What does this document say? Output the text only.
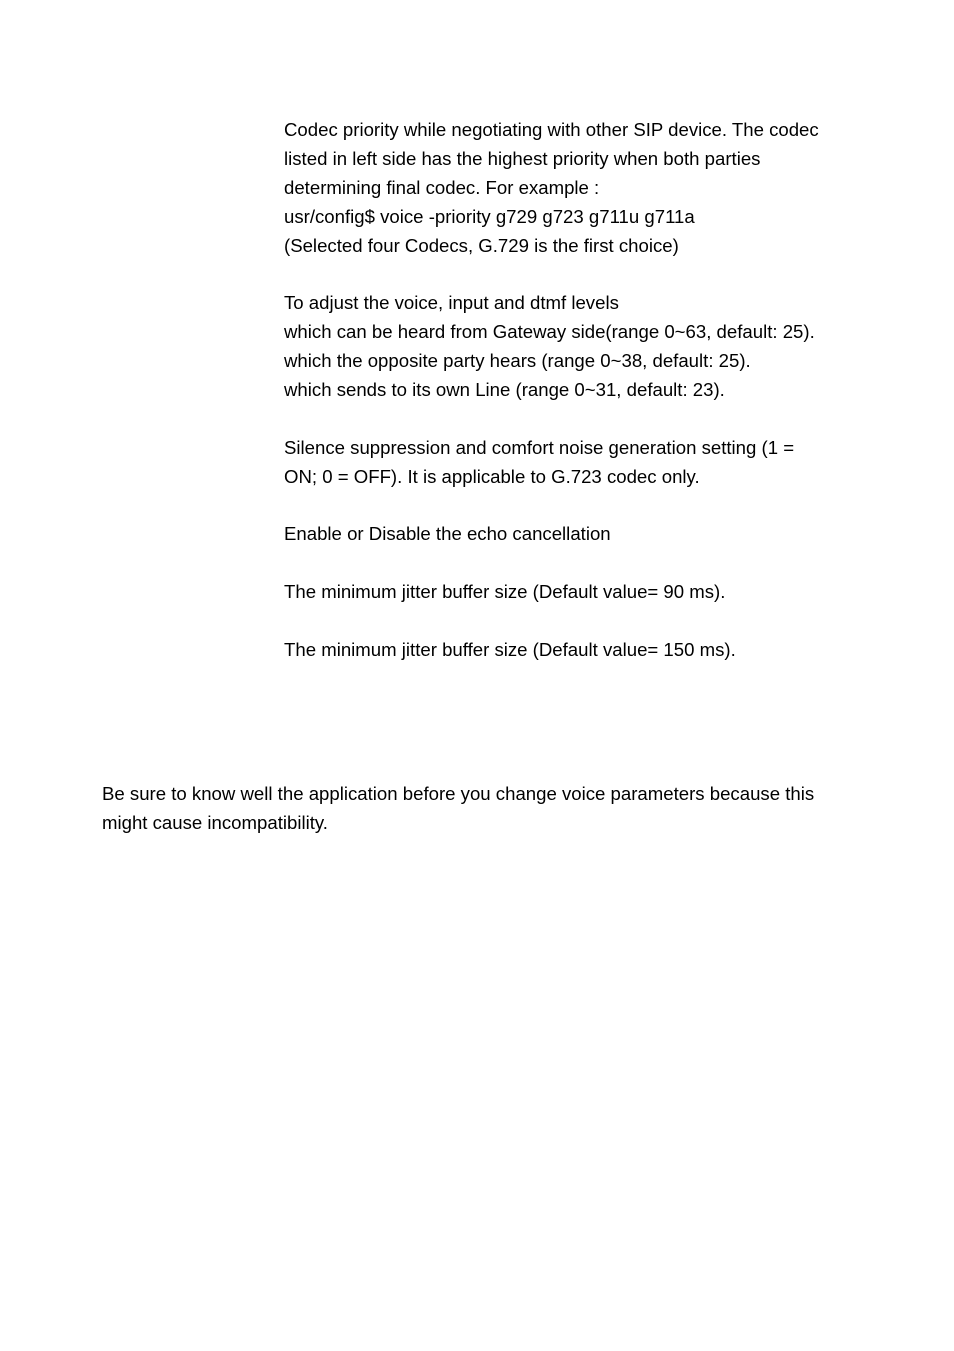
Codec priority while negotiating with other SIP device. The codec

listed in left side has the highest priority when both parties

determining final codec. For example :

usr/config$ voice -priority g729 g723 g711u g711a

(Selected four Codecs, G.729 is the first choice)

To adjust the voice, input and dtmf levels

which can be heard from Gateway side(range 0~63, default: 25).

which the opposite party hears (range 0~38, default: 25).

which sends to its own Line (range 0~31, default: 23).

Silence suppression and comfort noise generation setting (1 =

ON; 0 = OFF). It is applicable to G.723 codec only.

Enable or Disable the echo cancellation

The minimum jitter buffer size (Default value= 90 ms).

The minimum jitter buffer size (Default value= 150 ms).

Be sure to know well the application before you change voice parameters because this

might cause incompatibility.
